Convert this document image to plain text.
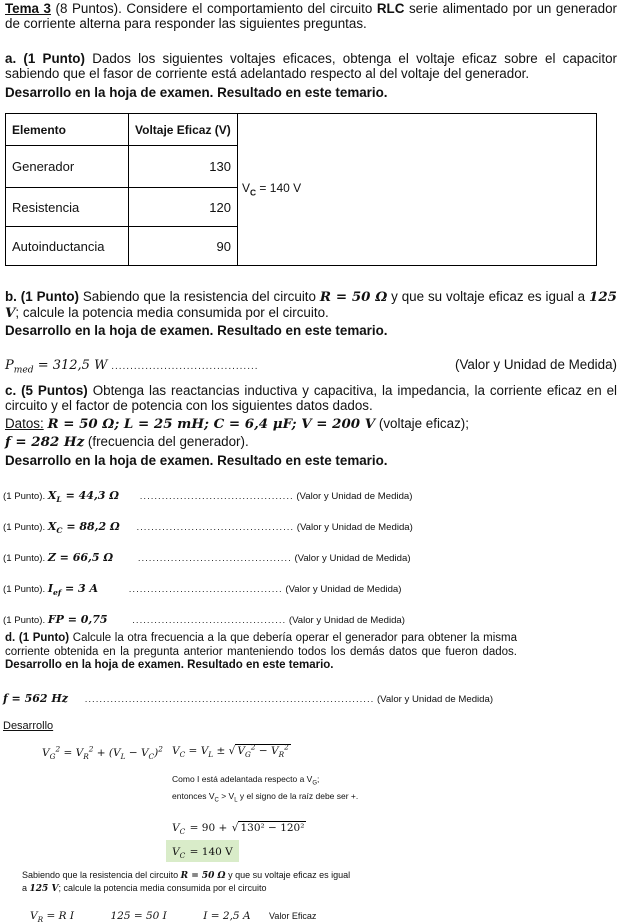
Tema 3 (8 Puntos). Considere el comportamiento del circuito RLC serie alimentado por un generador de corriente alterna para responder las siguientes preguntas.
a. (1 Punto) Dados los siguientes voltajes eficaces, obtenga el voltaje eficaz sobre el capacitor sabiendo que el fasor de corriente está adelantado respecto al del voltaje del generador.
Desarrollo en la hoja de examen. Resultado en este temario.
Elemento	Voltaje Eficaz (V)	$V_C = 140$ V
Generador	130	
Resistencia	120	
Autoinductancia	90	
b. (1 Punto) Sabiendo que la resistencia del circuito R = 50 Ω y que su voltaje eficaz es igual a 125 V; calcule la potencia media consumida por el circuito.
Desarrollo en la hoja de examen. Resultado en este temario.
$P_{med} = 312,5$ W .......................................	(Valor y Unidad de Medida)
c. (5 Puntos) Obtenga las reactancias inductiva y capacitiva, la impedancia, la corriente eficaz en el circuito y el factor de potencia con los siguientes datos dados.
Datos: R = 50 Ω; L = 25 mH; C = 6,4 μF; V = 200 V (voltaje eficaz);
f = 282 Hz (frecuencia del generador).
Desarrollo en la hoja de examen. Resultado en este temario.
(1 Punto). $X_L = 44,3$ Ω .......................................... (Valor y Unidad de Medida)
(1 Punto). $X_C = 88,2$ Ω ........................................... (Valor y Unidad de Medida)
(1 Punto). Z = 66,5 Ω	.......................................... (Valor y Unidad de Medida)
(1 Punto). $I_{ef} = 3$ A	.......................................... (Valor y Unidad de Medida)
(1 Punto). FP = 0,75	.......................................... (Valor y Unidad de Medida)
d. (1 Punto) Calcule la otra frecuencia a la que debería operar el generador para obtener la misma corriente obtenida en la pregunta anterior manteniendo todos los demás datos que fueron dados. Desarrollo en la hoja de examen. Resultado en este temario.
f = 562 Hz ............................................................................... (Valor y Unidad de Medida)
Desarrollo
$V_G^2 = V_R^2 + (V_L - V_C)^2$ $V_C = V_L$ ± √ $V_G^2 - V_R^2$
Como I está adelantada respecto a $V_G$;
entonces $V_C > V_L$ y el signo de la raíz debe ser +.
$V_C = 90$ + √ 130² − 120²
$V_C = 140$ V
Sabiendo que la resistencia del circuito R = 50 Ω y que su voltaje eficaz es igual
a 125 V; calcule la potencia media consumida por el circuito
$V_R = R$ I	125 = 50 I	I = 2,5 A Valor Eficaz
